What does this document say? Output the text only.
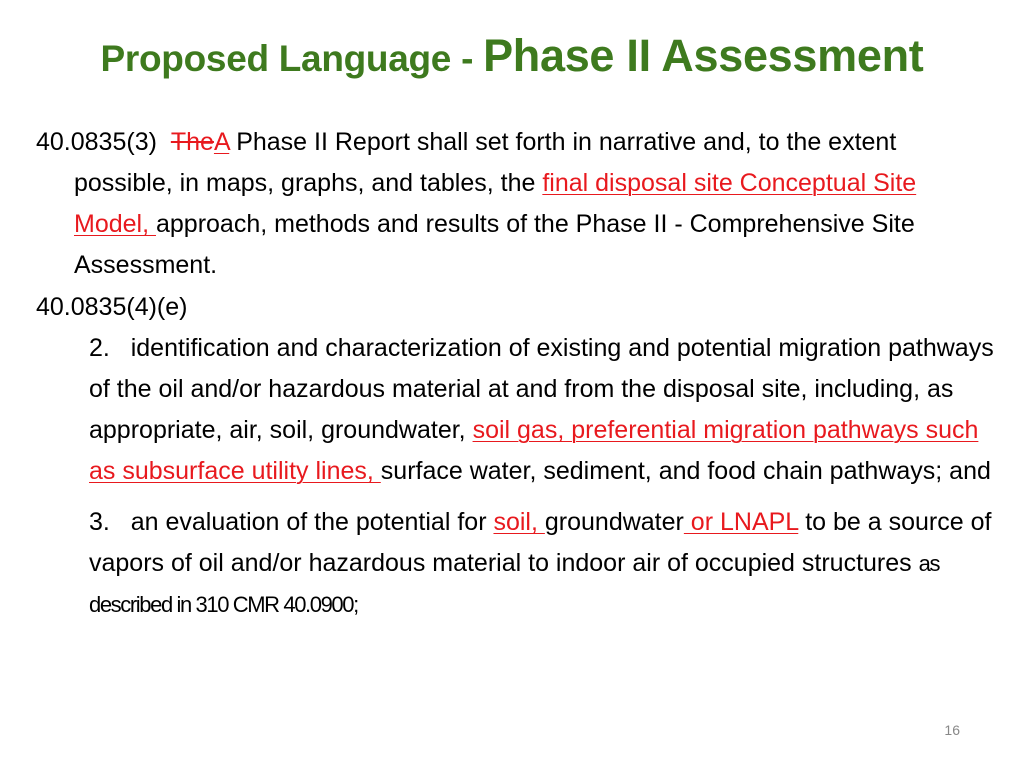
Proposed Language - Phase II Assessment

40.0835(3) TheA Phase II Report shall set forth in narrative and, to the extent possible, in maps, graphs, and tables, the final disposal site Conceptual Site Model, approach, methods and results of the Phase II - Comprehensive Site Assessment.

40.0835(4)(e)

2. identification and characterization of existing and potential migration pathways of the oil and/or hazardous material at and from the disposal site, including, as appropriate, air, soil, groundwater, soil gas, preferential migration pathways such as subsurface utility lines, surface water, sediment, and food chain pathways; and

3. an evaluation of the potential for soil, groundwater or LNAPL to be a source of vapors of oil and/or hazardous material to indoor air of occupied structures as described in 310 CMR 40.0900;

16
